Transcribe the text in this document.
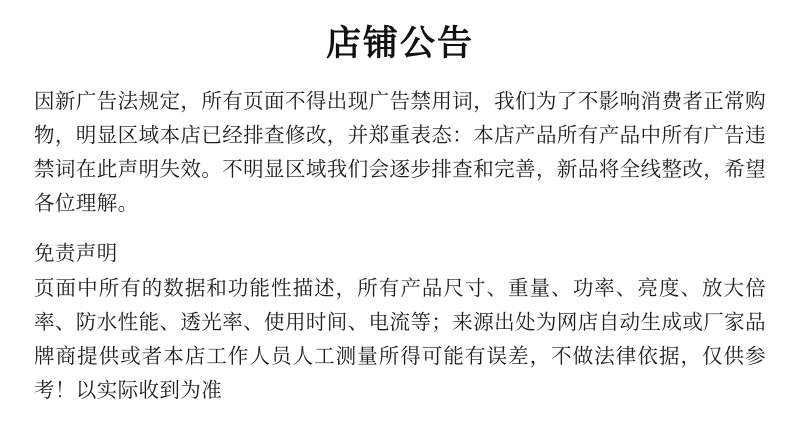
店铺公告

因新广告法规定，所有页面不得出现广告禁用词，我们为了不影响消费者正常购物，明显区域本店已经排查修改，并郑重表态：本店产品所有产品中所有广告违禁词在此声明失效。不明显区域我们会逐步排查和完善，新品将全线整改，希望各位理解。

免责声明

页面中所有的数据和功能性描述，所有产品尺寸、重量、功率、亮度、放大倍率、防水性能、透光率、使用时间、电流等；来源出处为网店自动生成或厂家品牌商提供或者本店工作人员人工测量所得可能有误差，不做法律依据，仅供参考！以实际收到为准
